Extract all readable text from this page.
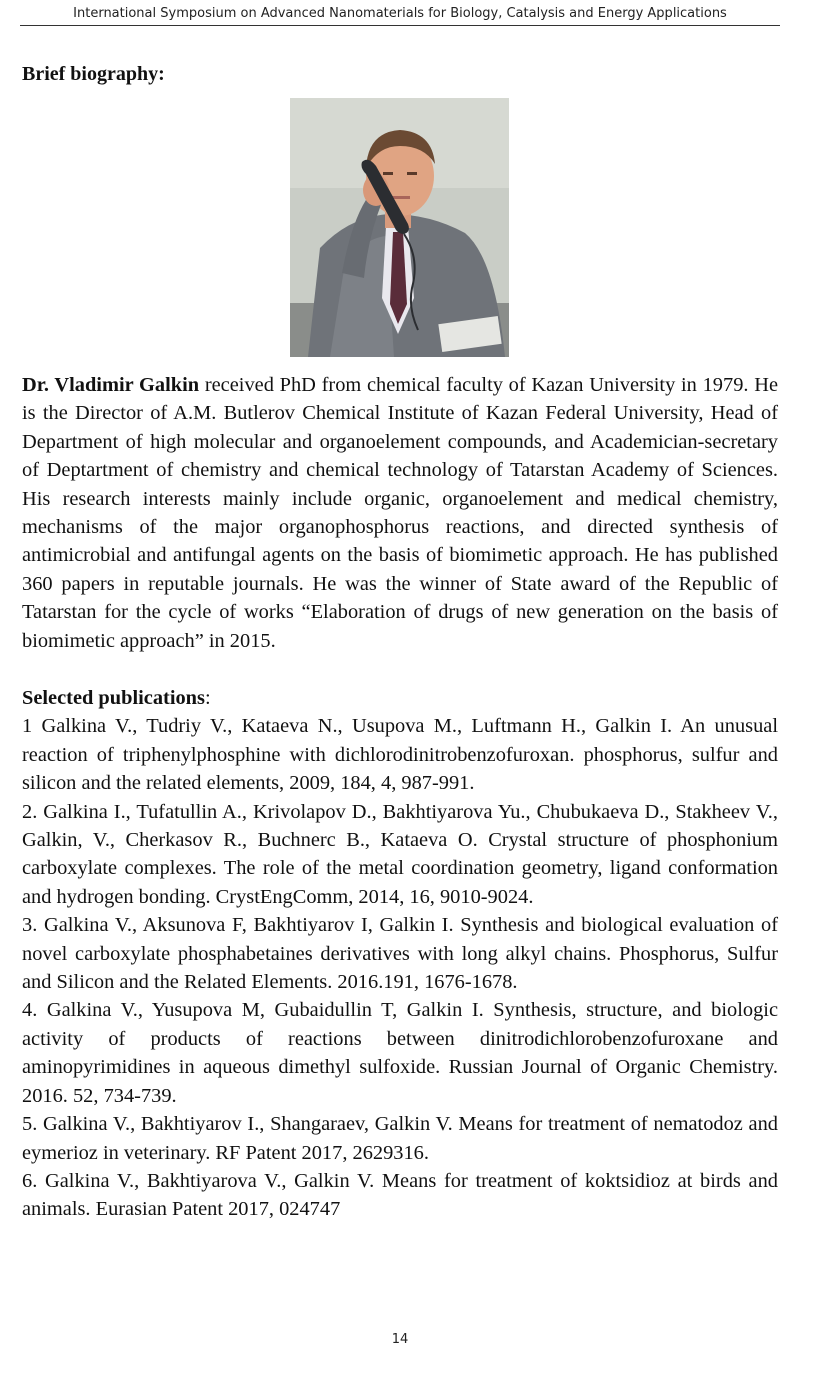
International Symposium on Advanced Nanomaterials for Biology, Catalysis and Energy Applications
Brief biography:

Dr. Vladimir Galkin received PhD from chemical faculty of Kazan University in 1979. He is the Director of A.M. Butlerov Chemical Institute of Kazan Federal University, Head of Department of high molecular and organoelement compounds, and Academician-secretary of Deptartment of chemistry and chemical technology of Tatarstan Academy of Sciences. His research interests mainly include organic, organoelement and medical chemistry, mechanisms of the major organophosphorus reactions, and directed synthesis of antimicrobial and antifungal agents on the basis of biomimetic approach. He has published 360 papers in reputable journals. He was the winner of State award of the Republic of Tatarstan for the cycle of works “Elaboration of drugs of new generation on the basis of biomimetic approach” in 2015.

Selected publications:

1 Galkina V., Tudriy V., Kataeva N., Usupova M., Luftmann H., Galkin I. An unusual reaction of triphenylphosphine with dichlorodinitrobenzofuroxan. phosphorus, sulfur and silicon and the related elements, 2009, 184, 4, 987-991.

2. Galkina I., Tufatullin A., Krivolapov D., Bakhtiyarova Yu., Chubukaeva D., Stakheev V., Galkin, V., Cherkasov R., Buchnerc B., Kataeva O. Crystal structure of phosphonium carboxylate complexes. The role of the metal coordination geometry, ligand conformation and hydrogen bonding. CrystEngComm, 2014, 16, 9010-9024.

3. Galkina V., Aksunova F, Bakhtiyarov I, Galkin I. Synthesis and biological evaluation of novel carboxylate phosphabetaines derivatives with long alkyl chains. Phosphorus, Sulfur and Silicon and the Related Elements. 2016.191, 1676-1678.

4. Galkina V., Yusupova M, Gubaidullin T, Galkin I. Synthesis, structure, and biologic activity of products of reactions between dinitrodichlorobenzofuroxane and aminopyrimidines in aqueous dimethyl sulfoxide. Russian Journal of Organic Chemistry. 2016. 52, 734-739.

5. Galkina V., Bakhtiyarov I., Shangaraev, Galkin V. Means for treatment of nematodoz and eymerioz in veterinary. RF Patent 2017, 2629316.

6. Galkina V., Bakhtiyarova V., Galkin V. Means for treatment of koktsidioz at birds and animals. Eurasian Patent 2017, 024747

14
